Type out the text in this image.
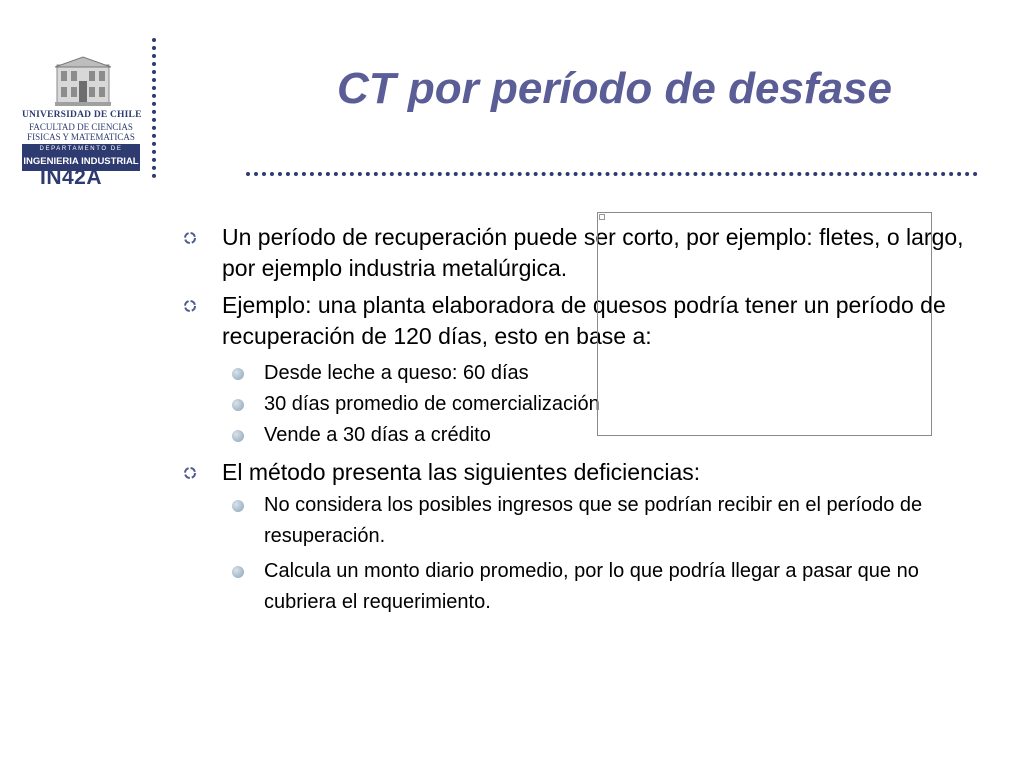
UNIVERSIDAD DE CHILE
FACULTAD DE CIENCIAS
FISICAS Y MATEMATICAS
DEPARTAMENTO DE
INGENIERIA INDUSTRIAL
IN42A
CT por período de desfase
Un período de recuperación puede ser corto, por ejemplo: fletes, o largo, por ejemplo industria metalúrgica.
Ejemplo: una planta elaboradora de quesos podría tener un período de recuperación de 120 días, esto en base a:
Desde leche a queso: 60 días
30 días promedio de comercialización
Vende a 30 días a crédito
El método presenta las siguientes deficiencias:
No considera los posibles ingresos que se podrían recibir en el período de resuperación.
Calcula un monto diario promedio, por lo que podría llegar a pasar que no cubriera el requerimiento.
